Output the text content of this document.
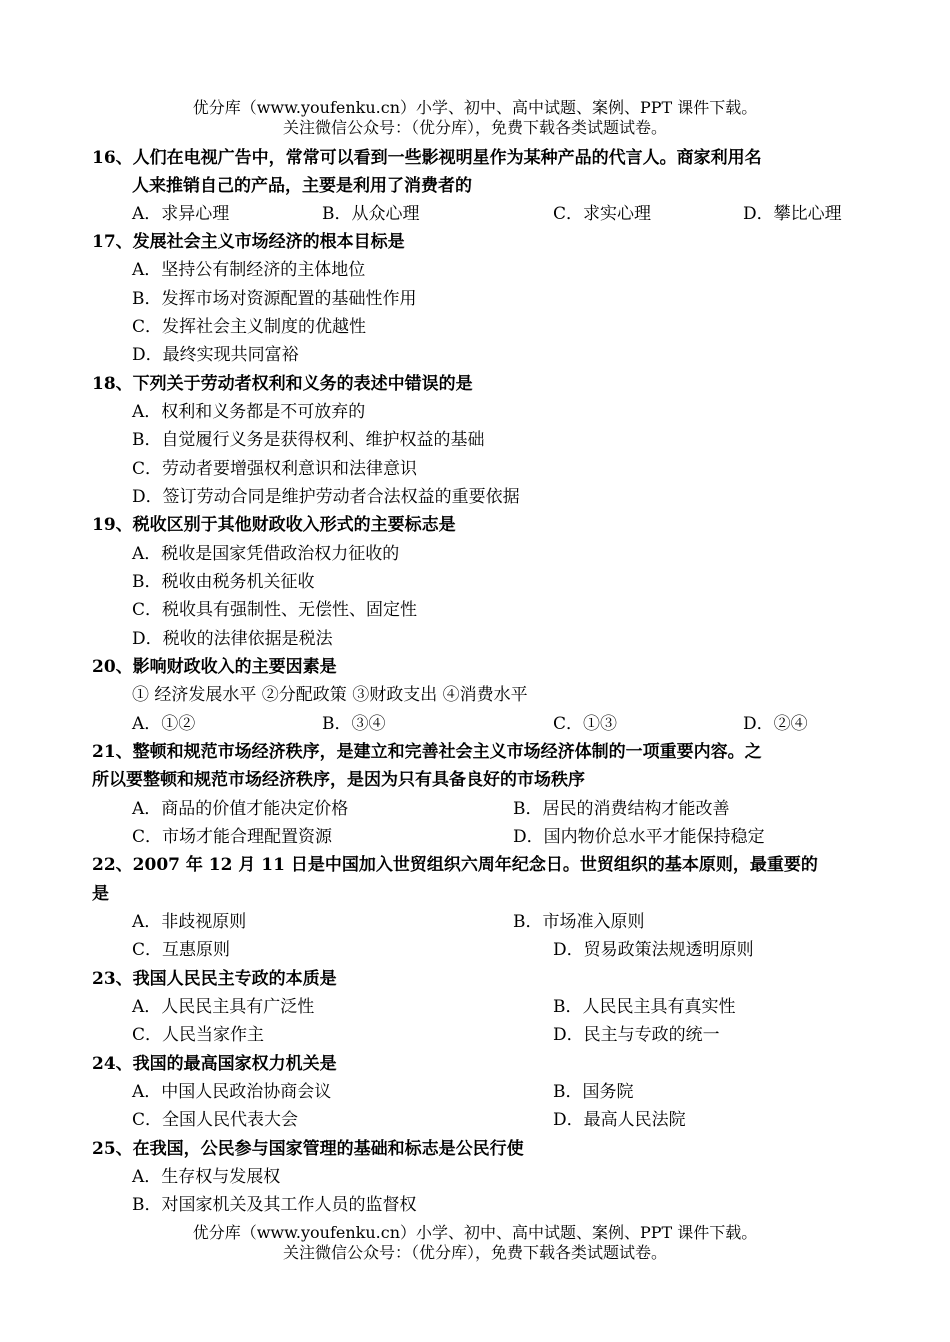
优分库（www.youfenku.cn）小学、初中、高中试题、案例、PPT 课件下载。
关注微信公众号：（优分库），免费下载各类试题试卷。
16、人们在电视广告中，常常可以看到一些影视明星作为某种产品的代言人。商家利用名
人来推销自己的产品，主要是利用了消费者的
A．求异心理	B．从众心理	C．求实心理	D．攀比心理
17、发展社会主义市场经济的根本目标是
A．坚持公有制经济的主体地位
B．发挥市场对资源配置的基础性作用
C．发挥社会主义制度的优越性
D．最终实现共同富裕
18、下列关于劳动者权利和义务的表述中错误的是
A．权利和义务都是不可放弃的
B．自觉履行义务是获得权利、维护权益的基础
C．劳动者要增强权利意识和法律意识
D．签订劳动合同是维护劳动者合法权益的重要依据
19、税收区别于其他财政收入形式的主要标志是
A．税收是国家凭借政治权力征收的
B．税收由税务机关征收
C．税收具有强制性、无偿性、固定性
D．税收的法律依据是税法
20、影响财政收入的主要因素是
① 经济发展水平 ②分配政策 ③财政支出 ④消费水平
A．①②	B．③④	C．①③	D．②④
21、整顿和规范市场经济秩序，是建立和完善社会主义市场经济体制的一项重要内容。之
所以要整顿和规范市场经济秩序，是因为只有具备良好的市场秩序
A．商品的价值才能决定价格	B．居民的消费结构才能改善
C．市场才能合理配置资源	D．国内物价总水平才能保持稳定
22、2007 年 12 月 11 日是中国加入世贸组织六周年纪念日。世贸组织的基本原则，最重要的
是
A．非歧视原则	B．市场准入原则
C．互惠原则	D．贸易政策法规透明原则
23、我国人民民主专政的本质是
A．人民民主具有广泛性	B．人民民主具有真实性
C．人民当家作主	D．民主与专政的统一
24、我国的最高国家权力机关是
A．中国人民政治协商会议	B．国务院
C．全国人民代表大会	D．最高人民法院
25、在我国，公民参与国家管理的基础和标志是公民行使
A．生存权与发展权
B．对国家机关及其工作人员的监督权
优分库（www.youfenku.cn）小学、初中、高中试题、案例、PPT 课件下载。
关注微信公众号：（优分库），免费下载各类试题试卷。
